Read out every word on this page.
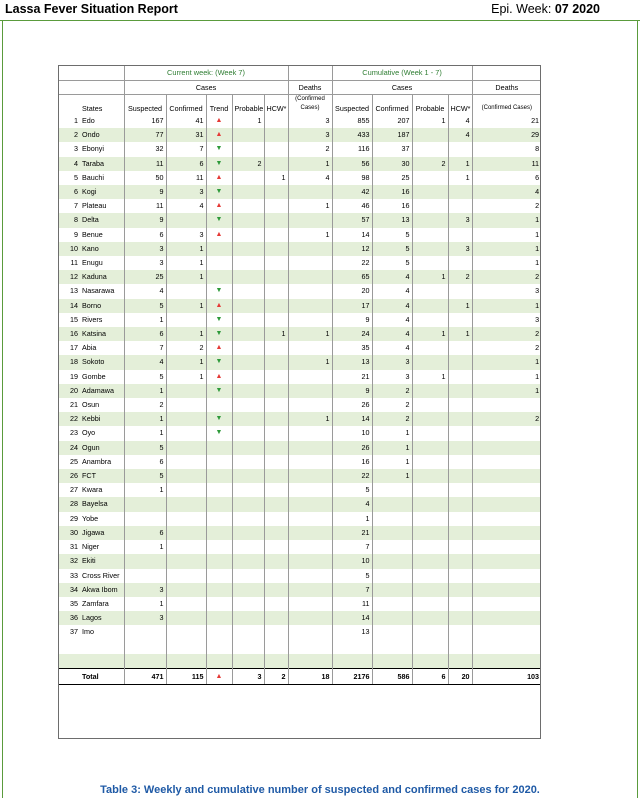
Lassa Fever Situation Report	Epi. Week: 07 2020
		Current week: (Week 7)						Cumulative (Week 1 - 7)				
		Cases					Deaths	Cases				Deaths
	States	Suspected	Confirmed	Trend	Probable	HCW*	(Confirmed Cases)	Suspected	Confirmed	Probable	HCW*	(Confirmed Cases)
1	Edo	167	41	▲	1		3	855	207	1	4	21
2	Ondo	77	31	▲			3	433	187		4	29
3	Ebonyi	32	7	▼			2	116	37			8
4	Taraba	11	6	▼	2		1	56	30	2	1	11
5	Bauchi	50	11	▲		1	4	98	25		1	6
6	Kogi	9	3	▼				42	16			4
7	Plateau	11	4	▲			1	46	16			2
8	Delta	9		▼				57	13		3	1
9	Benue	6	3	▲			1	14	5			1
10	Kano	3	1					12	5		3	1
11	Enugu	3	1					22	5			1
12	Kaduna	25	1					65	4	1	2	2
13	Nasarawa	4		▼				20	4			3
14	Borno	5	1	▲				17	4		1	1
15	Rivers	1		▼				9	4			3
16	Katsina	6	1	▼		1	1	24	4	1	1	2
17	Abia	7	2	▲				35	4			2
18	Sokoto	4	1	▼			1	13	3			1
19	Gombe	5	1	▲				21	3	1		1
20	Adamawa	1		▼				9	2			1
21	Osun	2						26	2			
22	Kebbi	1		▼			1	14	2			2
23	Oyo	1		▼				10	1			
24	Ogun	5						26	1			
25	Anambra	6						16	1			
26	FCT	5						22	1			
27	Kwara	1						5				
28	Bayelsa							4				
29	Yobe							1				
30	Jigawa	6						21				
31	Niger	1						7				
32	Ekiti							10				
33	Cross River							5				
34	Akwa Ibom	3						7				
35	Zamfara	1						11				
36	Lagos	3						14				
37	Imo							13				

	Total	471	115	▲	3	2	18	2176	586	6	20	103
Table 3: Weekly and cumulative number of suspected and confirmed cases for 2020.
